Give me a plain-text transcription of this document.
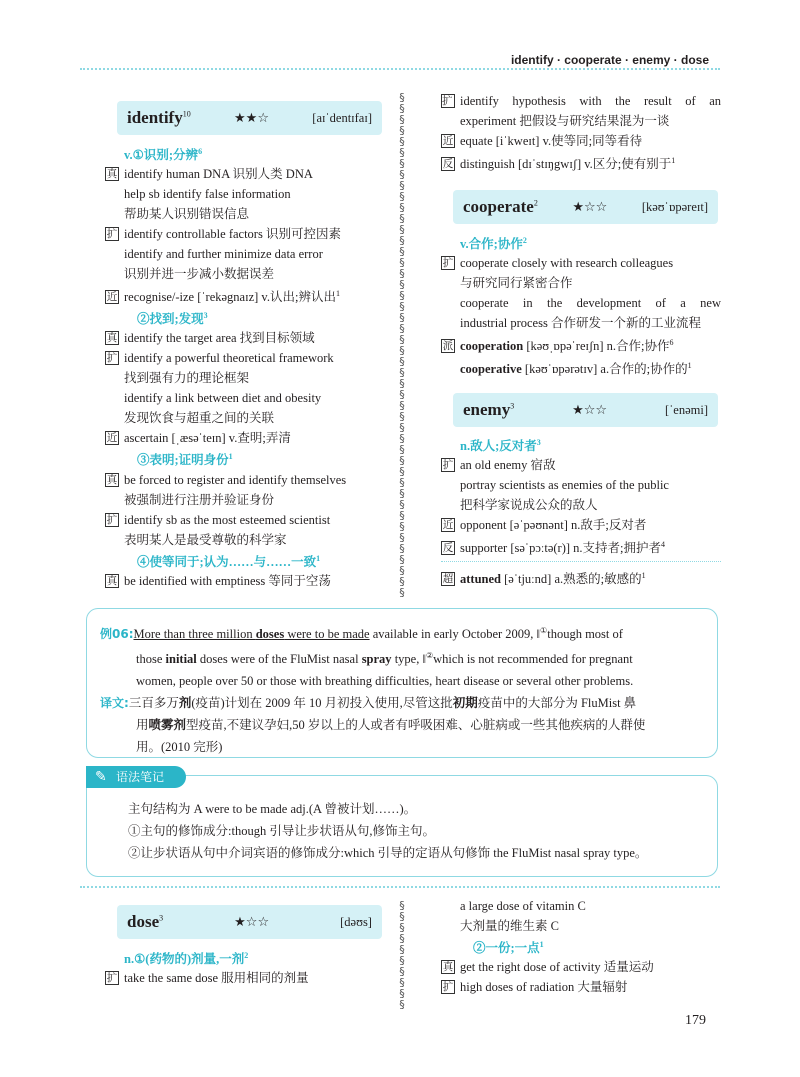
identify · cooperate · enemy · dose
§
§
§
§
§
§
§
§
§
§
§
§
§
§
§
§
§
§
§
§
§
§
§
§
§
§
§
§
§
§
§
§
§
§
§
§
§
§
§
§
§
§
§
§
§
§
§
§
§
§
§
§
§
§
§
§
identify$^{10}$	★★☆	[aɪˈdentɪfaɪ]
v.①识别;分辨$^6$
真 identify human DNA 识别人类 DNA
help sb identify false information
帮助某人识别错误信息
扩 identify controllable factors 识别可控因素
identify and further minimize data error
识别并进一步减小数据误差
近 recognise/-ize [ˈrekəgnaɪz] v.认出;辨认出$^1$
②找到;发现$^3$
真 identify the target area 找到目标领域
扩 identify a powerful theoretical framework
找到强有力的理论框架
identify a link between diet and obesity
发现饮食与超重之间的关联
近 ascertain [ˌæsəˈteɪn] v.查明;弄清
③表明;证明身份$^1$
真 be forced to register and identify themselves
被强制进行注册并验证身份
扩 identify sb as the most esteemed scientist
表明某人是最受尊敬的科学家
④使等同于;认为……与……一致$^1$
真 be identified with emptiness 等同于空荡
扩 identify hypothesis with the result of an
experiment 把假设与研究结果混为一谈
近 equate [iˈkweɪt] v.使等同;同等看待
反 distinguish [dɪˈstɪŋgwɪʃ] v.区分;使有别于$^1$
cooperate$^2$	★☆☆	[kəʊˈɒpəreɪt]
v.合作;协作$^2$
扩 cooperate closely with research colleagues
与研究同行紧密合作
cooperate in the development of a new
industrial process 合作研发一个新的工业流程
派 cooperation [kəʊˌɒpəˈreɪʃn] n.合作;协作$^6$
cooperative [kəʊˈɒpərətɪv] a.合作的;协作的$^1$
enemy$^3$	★☆☆	[ˈenəmi]
n.敌人;反对者$^3$
扩 an old enemy 宿敌
portray scientists as enemies of the public
把科学家说成公众的敌人
近 opponent [əˈpəʊnənt] n.敌手;反对者
反 supporter [səˈpɔːtə(r)] n.支持者;拥护者$^4$
超 attuned [əˈtjuːnd] a.熟悉的;敏感的$^1$
例06:More than three million doses were to be made available in early October 2009, ‖①though most of
those initial doses were of the FluMist nasal spray type, ‖②which is not recommended for pregnant
women, people over 50 or those with breathing difficulties, heart disease or several other problems.
译文:三百多万剂(疫苗)计划在 2009 年 10 月初投入使用,尽管这批初期疫苗中的大部分为 FluMist 鼻
用喷雾剂型疫苗,不建议孕妇,50 岁以上的人或者有呼吸困难、心脏病或一些其他疾病的人群使
用。(2010 完形)
✎ 语法笔记
主句结构为 A were to be made adj.(A 曾被计划……)。
①主句的修饰成分:though 引导让步状语从句,修饰主句。
②让步状语从句中介词宾语的修饰成分:which 引导的定语从句修饰 the FluMist nasal spray type。
dose$^3$	★☆☆	[dəʊs]
n.①(药物的)剂量,一剂$^2$
扩 take the same dose 服用相同的剂量
a large dose of vitamin C
大剂量的维生素 C
②一份;一点$^1$
真 get the right dose of activity 适量运动
扩 high doses of radiation 大量辐射
179
